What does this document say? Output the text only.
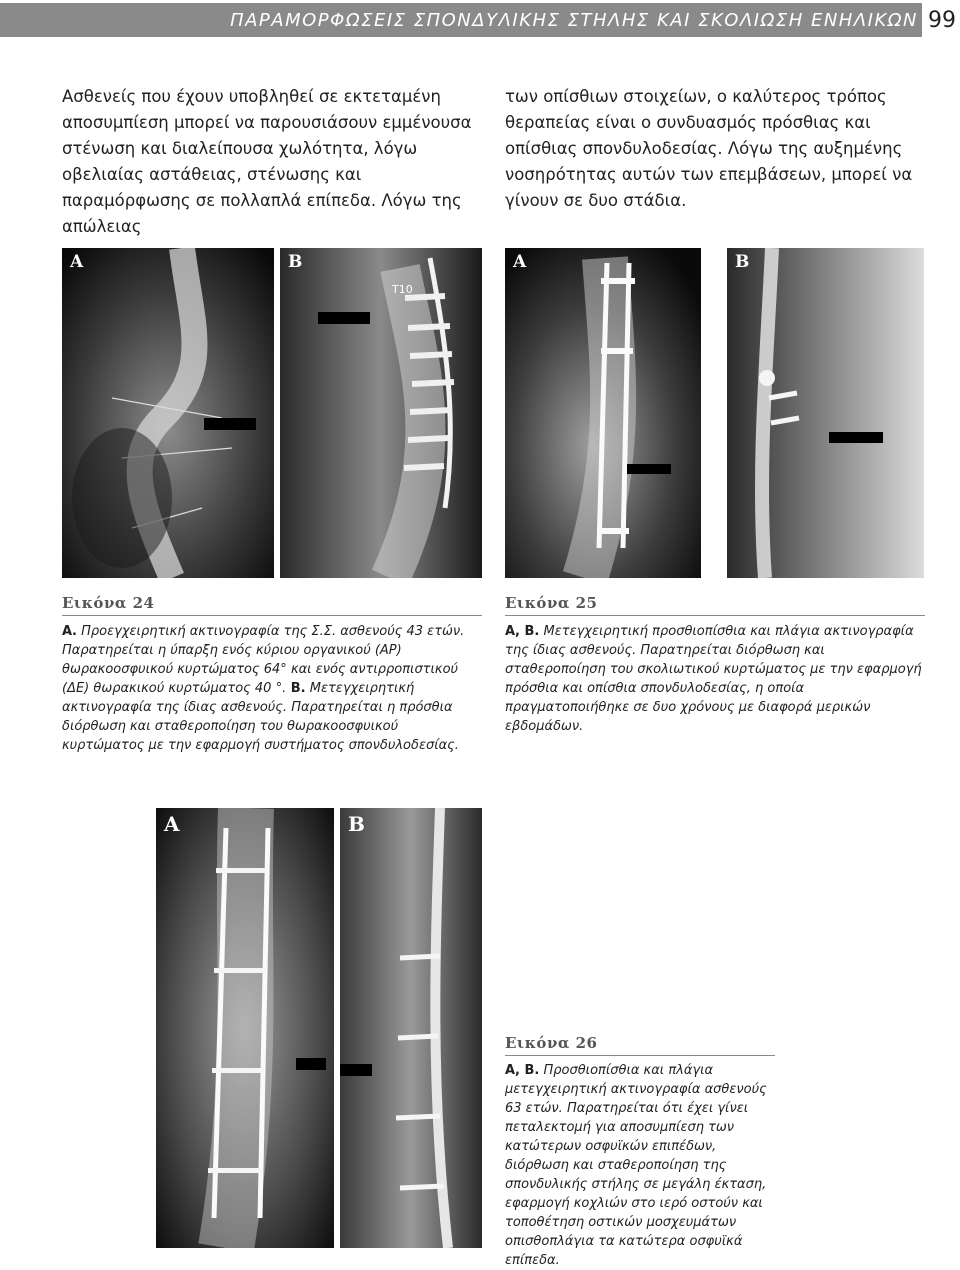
ΠΑΡΑΜΟΡΦΩΣΕΙΣ ΣΠΟΝΔΥΛΙΚΗΣ ΣΤΗΛΗΣ ΚΑΙ ΣΚΟΛΙΩΣΗ ΕΝΗΛΙΚΩΝ 99
Ασθενείς που έχουν υποβληθεί σε εκτεταμένη αποσυμπίεση μπορεί να παρουσιάσουν εμμένουσα στένωση και διαλείπουσα χωλότητα, λόγω οβελιαίας αστάθειας, στένωσης και παραμόρφωσης σε πολλαπλά επίπεδα. Λόγω της απώλειας
των οπίσθιων στοιχείων, ο καλύτερος τρόπος θεραπείας είναι ο συνδυασμός πρόσθιας και οπίσθιας σπονδυλοδεσίας. Λόγω της αυξημένης νοσηρότητας αυτών των επεμβάσεων, μπορεί να γίνουν σε δυο στάδια.
A	B
T10
A	B
Εικόνα 24
Α. Προεγχειρητική ακτινογραφία της Σ.Σ. ασθενούς 43 ετών. Παρατηρείται η ύπαρξη ενός κύριου οργανικού (ΑΡ) θωρακοοσφυικού κυρτώματος 64° και ενός αντιρροπιστικού (ΔΕ) θωρακικού κυρτώματος 40 °. Β. Μετεγχειρητική ακτινογραφία της ίδιας ασθενούς. Παρατηρείται η πρόσθια διόρθωση και σταθεροποίηση του θωρακοοσφυικού κυρτώματος με την εφαρμογή συστήματος σπονδυλοδεσίας.
Εικόνα 25
Α, Β. Μετεγχειρητική προσθιοπίσθια και πλάγια ακτινογραφία της ίδιας ασθενούς. Παρατηρείται διόρθωση και σταθεροποίηση του σκολιωτικού κυρτώματος με την εφαρμογή πρόσθια και οπίσθια σπονδυλοδεσίας, η οποία πραγματοποιήθηκε σε δυο χρόνους με διαφορά μερικών εβδομάδων.
A	B
Εικόνα 26
Α, Β. Προσθιοπίσθια και πλάγια μετεγχειρητική ακτινογραφία ασθενούς 63 ετών. Παρατηρείται ότι έχει γίνει πεταλεκτομή για αποσυμπίεση των κατώτερων οσφυϊκών επιπέδων, διόρθωση και σταθεροποίηση της σπονδυλικής στήλης σε μεγάλη έκταση, εφαρμογή κοχλιών στο ιερό οστούν και τοποθέτηση οστικών μοσχευμάτων οπισθοπλάγια τα κατώτερα οσφυϊκά επίπεδα.
